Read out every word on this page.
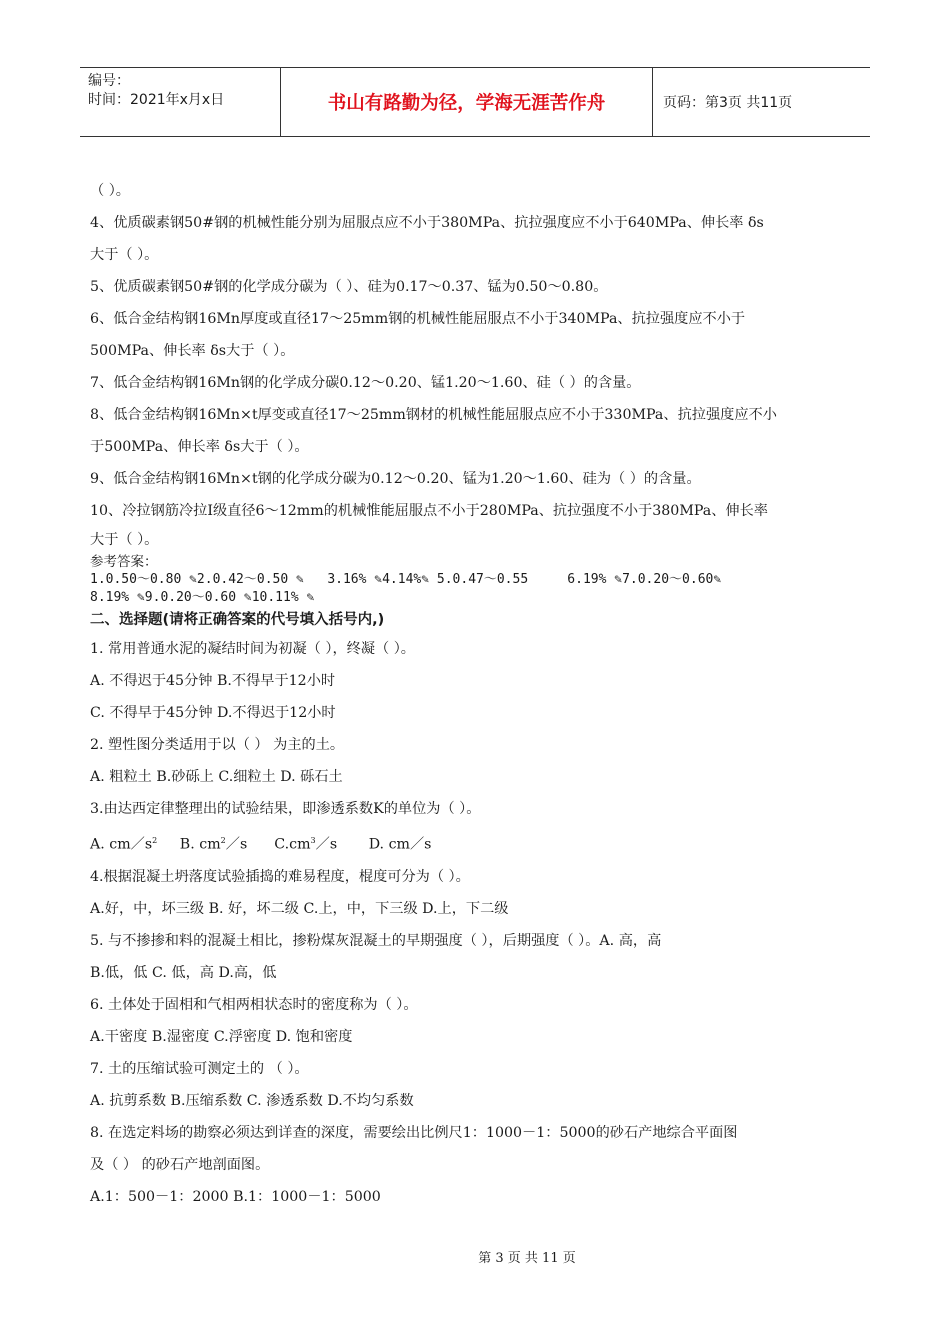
编号：
时间：2021年x月x日	书山有路勤为径，学海无涯苦作舟	页码：第3页 共11页
（ ）。
4、优质碳素钢50#钢的机械性能分别为屈服点应不小于380MPa、抗拉强度应不小于640MPa、伸长率 δs
大于（ ）。
5、优质碳素钢50#钢的化学成分碳为（ ）、硅为0.17～0.37、锰为0.50～0.80。
6、低合金结构钢16Mn厚度或直径17～25mm钢的机械性能屈服点不小于340MPa、抗拉强度应不小于
500MPa、伸长率 δs大于（ ）。
7、低合金结构钢16Mn钢的化学成分碳0.12～0.20、锰1.20～1.60、硅（ ）的含量。
8、低合金结构钢16Mn×t厚变或直径17～25mm钢材的机械性能屈服点应不小于330MPa、抗拉强度应不小
于500MPa、伸长率 δs大于（ ）。
9、低合金结构钢16Mn×t钢的化学成分碳为0.12～0.20、锰为1.20～1.60、硅为（ ）的含量。
10、冷拉钢筋冷拉Ⅰ级直径6～12mm的机械惟能屈服点不小于280MPa、抗拉强度不小于380MPa、伸长率
大于（ ）。
参考答案：
1.0.50～0.80 ✎2.0.42～0.50 ✎   3.16% ✎4.14%✎ 5.0.47～0.55     6.19% ✎7.0.20～0.60✎
8.19% ✎9.0.20～0.60 ✎10.11% ✎
二、选择题(请将正确答案的代号填入括号内,)
1. 常用普通水泥的凝结时间为初凝（ ），终凝（ ）。
A. 不得迟于45分钟 B.不得早于12小时
C. 不得早于45分钟 D.不得迟于12小时
2. 塑性图分类适用于以（ ） 为主的土。
A. 粗粒土 B.砂砾上 C.细粒土 D. 砾石土
3.由达西定律整理出的试验结果，即渗透系数K的单位为（ ）。
A. $cm/s^2$ B. $cm^2/s$ $C.cm^3/s$ D. cm／s
4.根据混凝土坍落度试验插捣的难易程度，棍度可分为（ ）。
A.好，中，坏三级 B. 好，坏二级 C.上，中，下三级 D.上，下二级
5. 与不掺掺和料的混凝土相比，掺粉煤灰混凝土的早期强度（ ），后期强度（ ）。A. 高，高
B.低，低 C. 低，高 D.高，低
6. 土体处于固相和气相两相状态时的密度称为（ ）。
A.干密度 B.湿密度 C.浮密度 D. 饱和密度
7. 土的压缩试验可测定土的 （ ）。
A. 抗剪系数 B.压缩系数 C. 渗透系数 D.不均匀系数
8. 在选定料场的勘察必须达到详查的深度，需要绘出比例尺1：1000－1：5000的砂石产地综合平面图
及（ ） 的砂石产地剖面图。
A.1：500－1：2000 B.1：1000－1：5000
第 3 页 共 11 页
